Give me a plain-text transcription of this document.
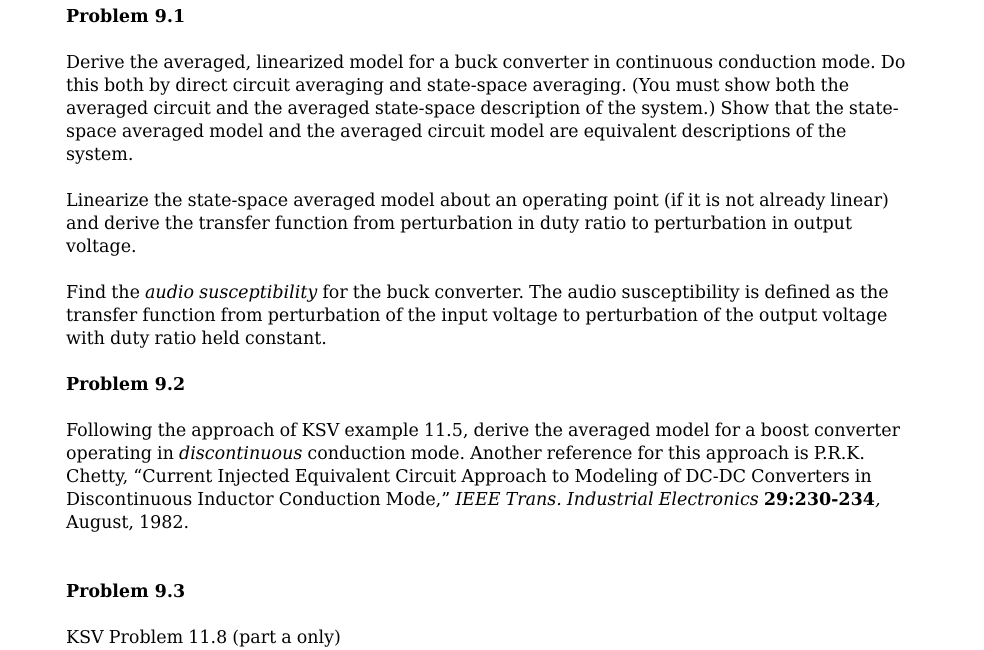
Problem 9.1

Derive the averaged, linearized model for a buck converter in continuous conduction mode. Do this both by direct circuit averaging and state-space averaging. (You must show both the averaged circuit and the averaged state-space description of the system.) Show that the state-space averaged model and the averaged circuit model are equivalent descriptions of the system.

Linearize the state-space averaged model about an operating point (if it is not already linear) and derive the transfer function from perturbation in duty ratio to perturbation in output voltage.

Find the audio susceptibility for the buck converter. The audio susceptibility is defined as the transfer function from perturbation of the input voltage to perturbation of the output voltage with duty ratio held constant.

Problem 9.2

Following the approach of KSV example 11.5, derive the averaged model for a boost converter operating in discontinuous conduction mode. Another reference for this approach is P.R.K. Chetty, “Current Injected Equivalent Circuit Approach to Modeling of DC-DC Converters in Discontinuous Inductor Conduction Mode,” IEEE Trans. Industrial Electronics 29:230-234, August, 1982.

Problem 9.3

KSV Problem 11.8 (part a only)
